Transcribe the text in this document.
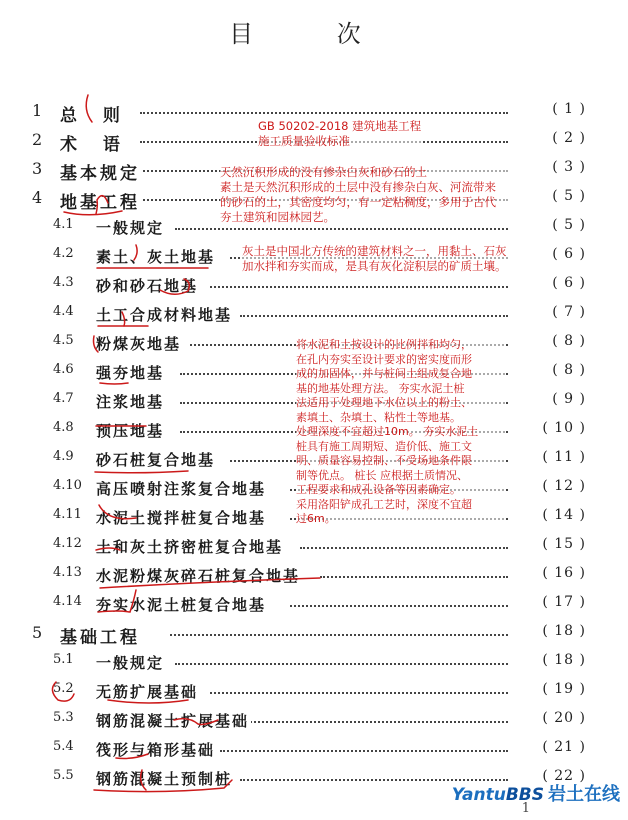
目 次
1 总 则	( 1 )
2 术 语	( 2 )
3 基本规定	( 3 )
4 地基工程	( 5 )
4.1 一般规定	( 5 )
4.2 素土、灰土地基	( 6 )
4.3 砂和砂石地基	( 6 )
4.4 土工合成材料地基	( 7 )
4.5 粉煤灰地基	( 8 )
4.6 强夯地基	( 8 )
4.7 注浆地基	( 9 )
4.8 预压地基	( 10 )
4.9 砂石桩复合地基	( 11 )
4.10 高压喷射注浆复合地基	( 12 )
4.11 水泥土搅拌桩复合地基	( 14 )
4.12 土和灰土挤密桩复合地基	( 15 )
4.13 水泥粉煤灰碎石桩复合地基	( 16 )
4.14 夯实水泥土桩复合地基	( 17 )
5 基础工程	( 18 )
5.1 一般规定	( 18 )
5.2 无筋扩展基础	( 19 )
5.3 钢筋混凝土扩展基础	( 20 )
5.4 筏形与箱形基础	( 21 )
5.5 钢筋混凝土预制桩	( 22 )
GB 50202-2018 建筑地基工程
施工质量验收标准
天然沉积形成的没有掺杂白灰和砂石的土
素土是天然沉积形成的土层中没有掺杂白灰、河流带来
的砂石的土，其密度均匀，有一定粘稠度，多用于古代
夯土建筑和园林园艺。
灰土是中国北方传统的建筑材料之一，用黏土、石灰
加水拌和夯实而成，是具有灰化淀积层的矿质土壤。
将水泥和土按设计的比例拌和均匀，
在孔内夯实至设计要求的密实度而形
成的加固体，并与桩间土组成复合地
基的地基处理方法。 夯实水泥土桩
法适用于处理地下水位以上的粉土、
素填土、杂填土、粘性土等地基。
处理深度不宜超过10m。 夯实水泥土
桩具有施工周期短、造价低、施工文
明、质量容易控制、不受场地条件限
制等优点。 桩长 应根据土质情况、
工程要求和成孔设备等因素确定。
采用洛阳铲成孔工艺时，深度不宜超
过6m。
1
YantuBBS 岩土在线
